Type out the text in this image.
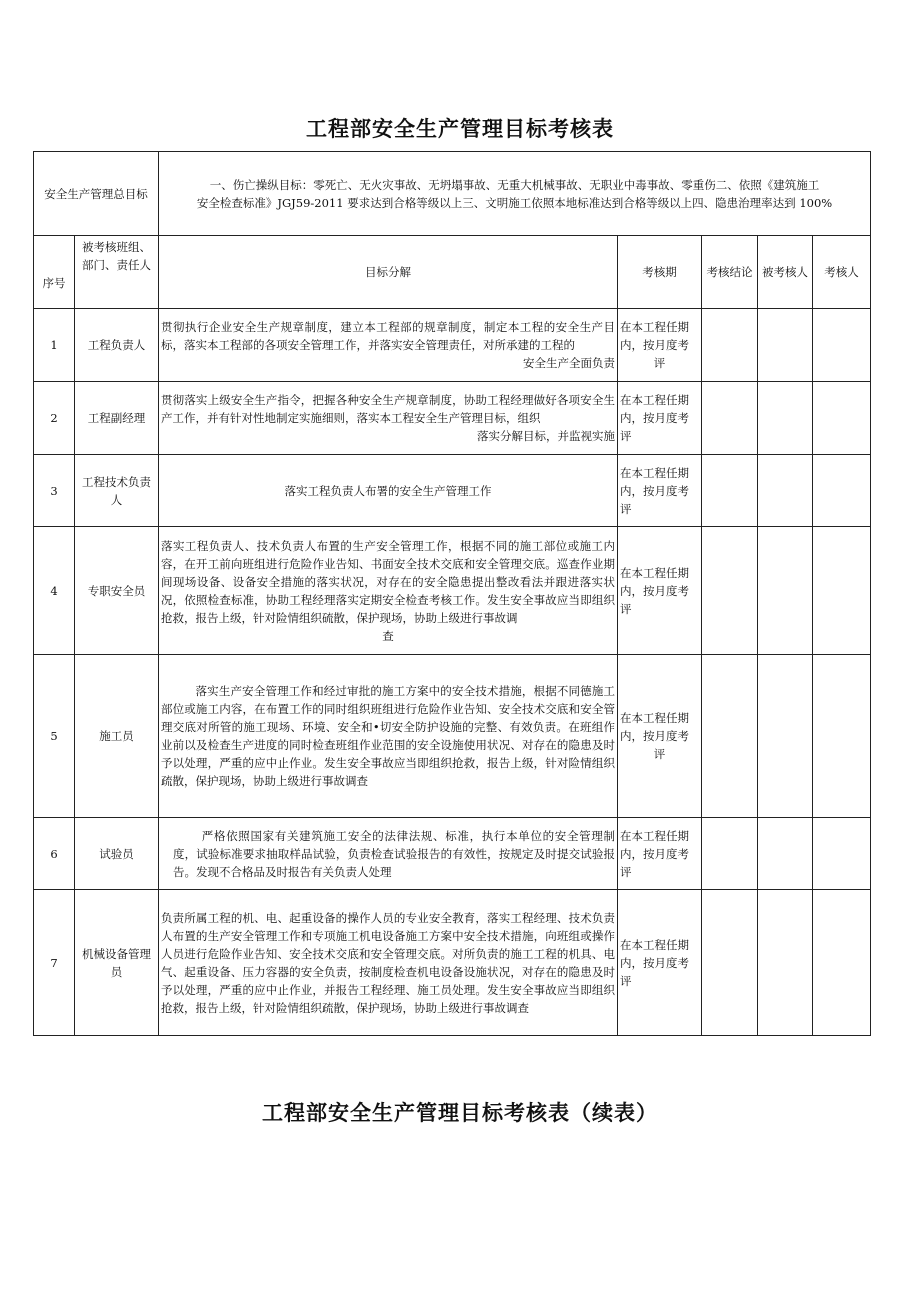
工程部安全生产管理目标考核表
安全生产管理总目标		一、伤亡操纵目标：零死亡、无火灾事故、无坍塌事故、无重大机械事故、无职业中毒事故、零重伤二、依照《建筑施工
安全检查标准》JGJ59-2011 要求达到合格等级以上三、文明施工依照本地标准达到合格等级以上四、隐患治理率达到 100%				

序号	被考核班组、部门、责任人	目标分解	考核期	考核结论	被考核人	考核人
1	工程负责人	贯彻执行企业安全生产规章制度，建立本工程部的规章制度，制定本工程的安全生产目标，落实本工程部的各项安全管理工作，并落实安全管理责任，对所承建的工程的
安全生产全面负责	在本工程任期内，按月度考
评			

2	工程副经理	贯彻落实上级安全生产指令，把握各种安全生产规章制度，协助工程经理做好各项安全生产工作，并有针对性地制定实施细则，落实本工程安全生产管理目标，组织
落实分解目标，并监视实施	在本工程任期内，按月度考评			
3	工程技术负责人	落实工程负责人布署的安全生产管理工作	在本工程任期内，按月度考评			
4	专职安全员	落实工程负责人、技术负责人布置的生产安全管理工作，根据不同的施工部位或施工内容，在开工前向班组进行危险作业告知、书面安全技术交底和安全管理交底。巡查作业期间现场设备、设备安全措施的落实状况，对存在的安全隐患提出整改看法并跟进落实状况，依照检查标准，协助工程经理落实定期安全检查考核工作。发生安全事故应当即组织抢救，报告上级，针对险情组织硫散，保护现场，协助上级进行事故调
查	在本工程任期内，按月度考评			
5	施工员	落实生产安全管理工作和经过审批的施工方案中的安全技术措施，根据不同德施工部位或施工内容，在布置工作的同时组织班组进行危险作业告知、安全技术交底和安全管理交底对所管的施工现场、环境、安全和•切安全防护设施的完整、有效负责。在班组作业前以及检查生产进度的同时检查班组作业范围的安全设施使用状况、对存在的隐患及时予以处理，严重的应中止作业。发生安全事故应当即组织抢救，报告上级，针对险情组织疏散，保护现场，协助上级进行事故调查	在本工程任期内，按月度考
评			

6	试验员	严格依照国家有关建筑施工安全的法律法规、标准，执行本单位的安全管理制度，试验标准要求抽取样品试验，负责检查试验报告的有效性，按规定及时提交试验报告。发现不合格品及时报告有关负责人处理	在本工程任期内，按月度考评			
7	机械设备管理员	负责所属工程的机、电、起重设备的操作人员的专业安全教育，落实工程经理、技术负责人布置的生产安全管理工作和专项施工机电设备施工方案中安全技术措施，向班组或操作人员进行危险作业告知、安全技术交底和安全管理交底。对所负责的施工工程的机具、电气、起重设备、压力容器的安全负责，按制度检查机电设备设施状况，对存在的隐患及时予以处理，严重的应中止作业，并报告工程经理、施工员处理。发生安全事故应当即组织抢救，报告上级，针对险情组织疏散，保护现场，协助上级进行事故调查	在本工程任期内，按月度考评			
工程部安全生产管理目标考核表（续表）
